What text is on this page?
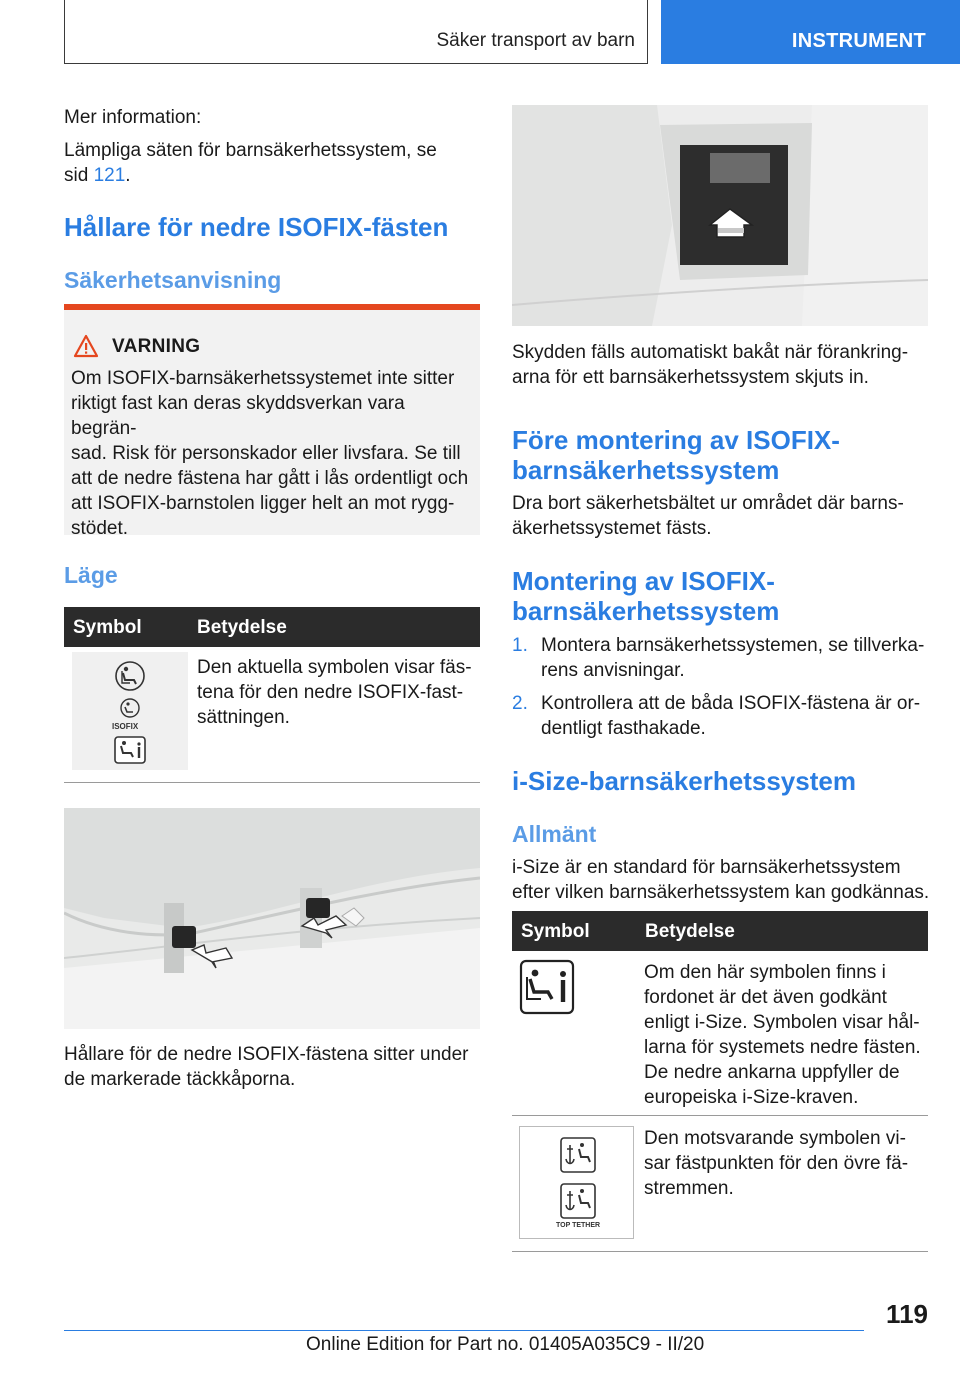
Säker transport av barn	INSTRUMENT
Mer information:
Lämpliga säten för barnsäkerhetssystem, se
sid 121.
Hållare för nedre ISOFIX-fästen
Säkerhetsanvisning
VARNING
Om ISOFIX-barnsäkerhetssystemet inte sitter
riktigt fast kan deras skyddsverkan vara begrän-
sad. Risk för personskador eller livsfara. Se till
att de nedre fästena har gått i lås ordentligt och
att ISOFIX-barnstolen ligger helt an mot rygg-
stödet.
Läge
Symbol	Betydelse
ISOFIX
Den aktuella symbolen visar fäs-
tena för den nedre ISOFIX-fast-
sättningen.
Hållare för de nedre ISOFIX-fästena sitter under
de markerade täckkåporna.
Skydden fälls automatiskt bakåt när förankring-
arna för ett barnsäkerhetssystem skjuts in.
Före montering av ISOFIX-
barnsäkerhetssystem
Dra bort säkerhetsbältet ur området där barns-
äkerhetssystemet fästs.
Montering av ISOFIX-
barnsäkerhetssystem
1. Montera barnsäkerhetssystemen, se tillverka-
rens anvisningar.
2. Kontrollera att de båda ISOFIX-fästena är or-
dentligt fasthakade.
i-Size-barnsäkerhetssystem
Allmänt
i-Size är en standard för barnsäkerhetssystem
efter vilken barnsäkerhetssystem kan godkännas.
Symbol	Betydelse
Om den här symbolen finns i
fordonet är det även godkänt
enligt i-Size. Symbolen visar hål-
larna för systemets nedre fästen.
De nedre ankarna uppfyller de
europeiska i-Size-kraven.
TOP TETHER
Den motsvarande symbolen vi-
sar fästpunkten för den övre fä-
stremmen.
119
Online Edition for Part no. 01405A035C9 - II/20
